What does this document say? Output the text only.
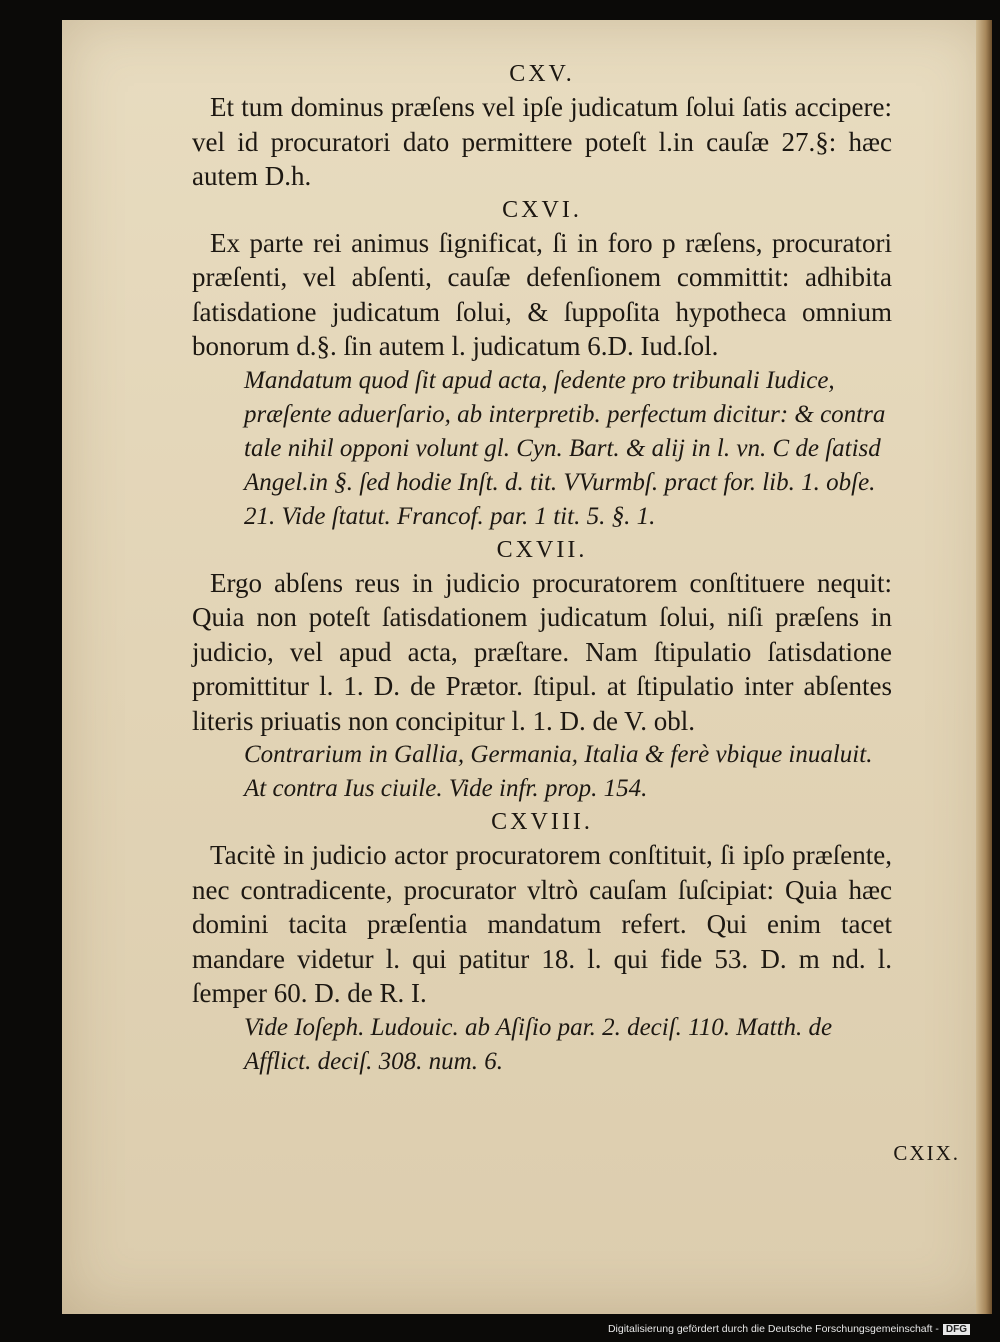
CXV.

Et tum dominus præſens vel ipſe judicatum ſolui ſatis accipere: vel id procuratori dato permittere poteſt l.in cauſæ 27.§: hæc autem D.h.

CXVI.

Ex parte rei animus ſignificat, ſi in foro p ræſens, procuratori præſenti, vel abſenti, cauſæ defenſionem committit: adhibita ſatisdatione judicatum ſolui, & ſuppoſita hypotheca omnium bonorum d.§. ſin autem l. judicatum 6.D. Iud.ſol.

Mandatum quod ſit apud acta, ſedente pro tribunali Iudice, præſente aduerſario, ab interpretib. perfectum dicitur: & contra tale nihil opponi volunt gl. Cyn. Bart. & alij in l. vn. C de ſatisd Angel.in §. ſed hodie Inſt. d. tit. VVurmbſ. pract for. lib. 1. obſe. 21. Vide ſtatut. Francof. par. 1 tit. 5. §. 1.

CXVII.

Ergo abſens reus in judicio procuratorem conſtituere nequit: Quia non poteſt ſatisdationem judicatum ſolui, niſi præſens in judicio, vel apud acta, præſtare. Nam ſtipulatio ſatisdatione promittitur l. 1. D. de Prætor. ſtipul. at ſtipulatio inter abſentes literis priuatis non concipitur l. 1. D. de V. obl.

Contrarium in Gallia, Germania, Italia & ferè vbique inualuit. At contra Ius ciuile. Vide infr. prop. 154.

CXVIII.

Tacitè in judicio actor procuratorem conſtituit, ſi ipſo præſente, nec contradicente, procurator vltrò cauſam ſuſcipiat: Quia hæc domini tacita præſentia mandatum refert. Qui enim tacet mandare videtur l. qui patitur 18. l. qui fide 53. D. m nd. l. ſemper 60. D. de R. I.

Vide Ioſeph. Ludouic. ab Aſiſio par. 2. deciſ. 110. Matth. de Afflict. deciſ. 308. num. 6.

CXIX.
Digitalisierung gefördert durch die Deutsche Forschungsgemeinschaft - DFG
